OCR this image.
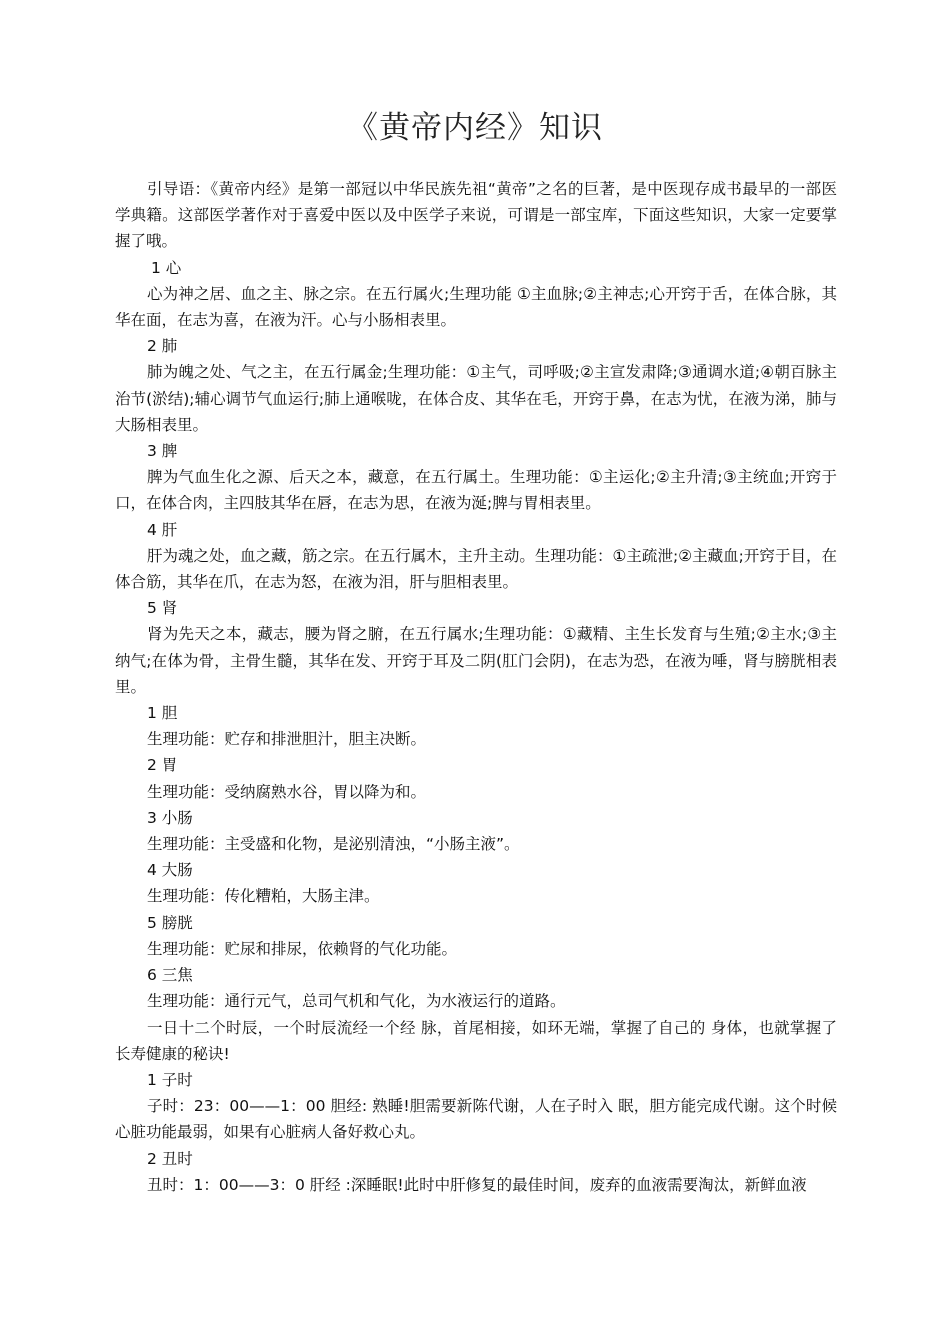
《黄帝内经》知识

引导语：《黄帝内经》是第一部冠以中华民族先祖“黄帝”之名的巨著，是中医现存成书最早的一部医学典籍。这部医学著作对于喜爱中医以及中医学子来说，可谓是一部宝库，下面这些知识，大家一定要掌握了哦。

1 心

心为神之居、血之主、脉之宗。在五行属火;生理功能 ①主血脉;②主神志;心开窍于舌，在体合脉，其华在面，在志为喜，在液为汗。心与小肠相表里。

2 肺

肺为魄之处、气之主，在五行属金;生理功能：①主气，司呼吸;②主宣发肃降;③通调水道;④朝百脉主治节(淤结);辅心调节气血运行;肺上通喉咙，在体合皮、其华在毛，开窍于鼻，在志为忧，在液为涕，肺与大肠相表里。

3 脾

脾为气血生化之源、后天之本，藏意，在五行属土。生理功能：①主运化;②主升清;③主统血;开窍于口，在体合肉，主四肢其华在唇，在志为思，在液为涎;脾与胃相表里。

4 肝

肝为魂之处，血之藏，筋之宗。在五行属木，主升主动。生理功能：①主疏泄;②主藏血;开窍于目，在体合筋，其华在爪，在志为怒，在液为泪，肝与胆相表里。

5 肾

肾为先天之本，藏志，腰为肾之腑，在五行属水;生理功能：①藏精、主生长发育与生殖;②主水;③主纳气;在体为骨，主骨生髓，其华在发、开窍于耳及二阴(肛门会阴)，在志为恐，在液为唾，肾与膀胱相表里。

1 胆

生理功能：贮存和排泄胆汁，胆主决断。

2 胃

生理功能：受纳腐熟水谷，胃以降为和。

3 小肠

生理功能：主受盛和化物，是泌别清浊，“小肠主液”。

4 大肠

生理功能：传化糟粕，大肠主津。

5 膀胱

生理功能：贮尿和排尿，依赖肾的气化功能。

6 三焦

生理功能：通行元气，总司气机和气化，为水液运行的道路。

一日十二个时辰，一个时辰流经一个经 脉，首尾相接，如环无端，掌握了自己的 身体，也就掌握了长寿健康的秘诀!

1 子时

子时：23：00——1：00 胆经: 熟睡!胆需要新陈代谢，人在子时入 眠，胆方能完成代谢。这个时候心脏功能最弱，如果有心脏病人备好救心丸。

2 丑时

丑时：1：00——3：0 肝经 :深睡眠!此时中肝修复的最佳时间，废弃的血液需要淘汰，新鲜血液
